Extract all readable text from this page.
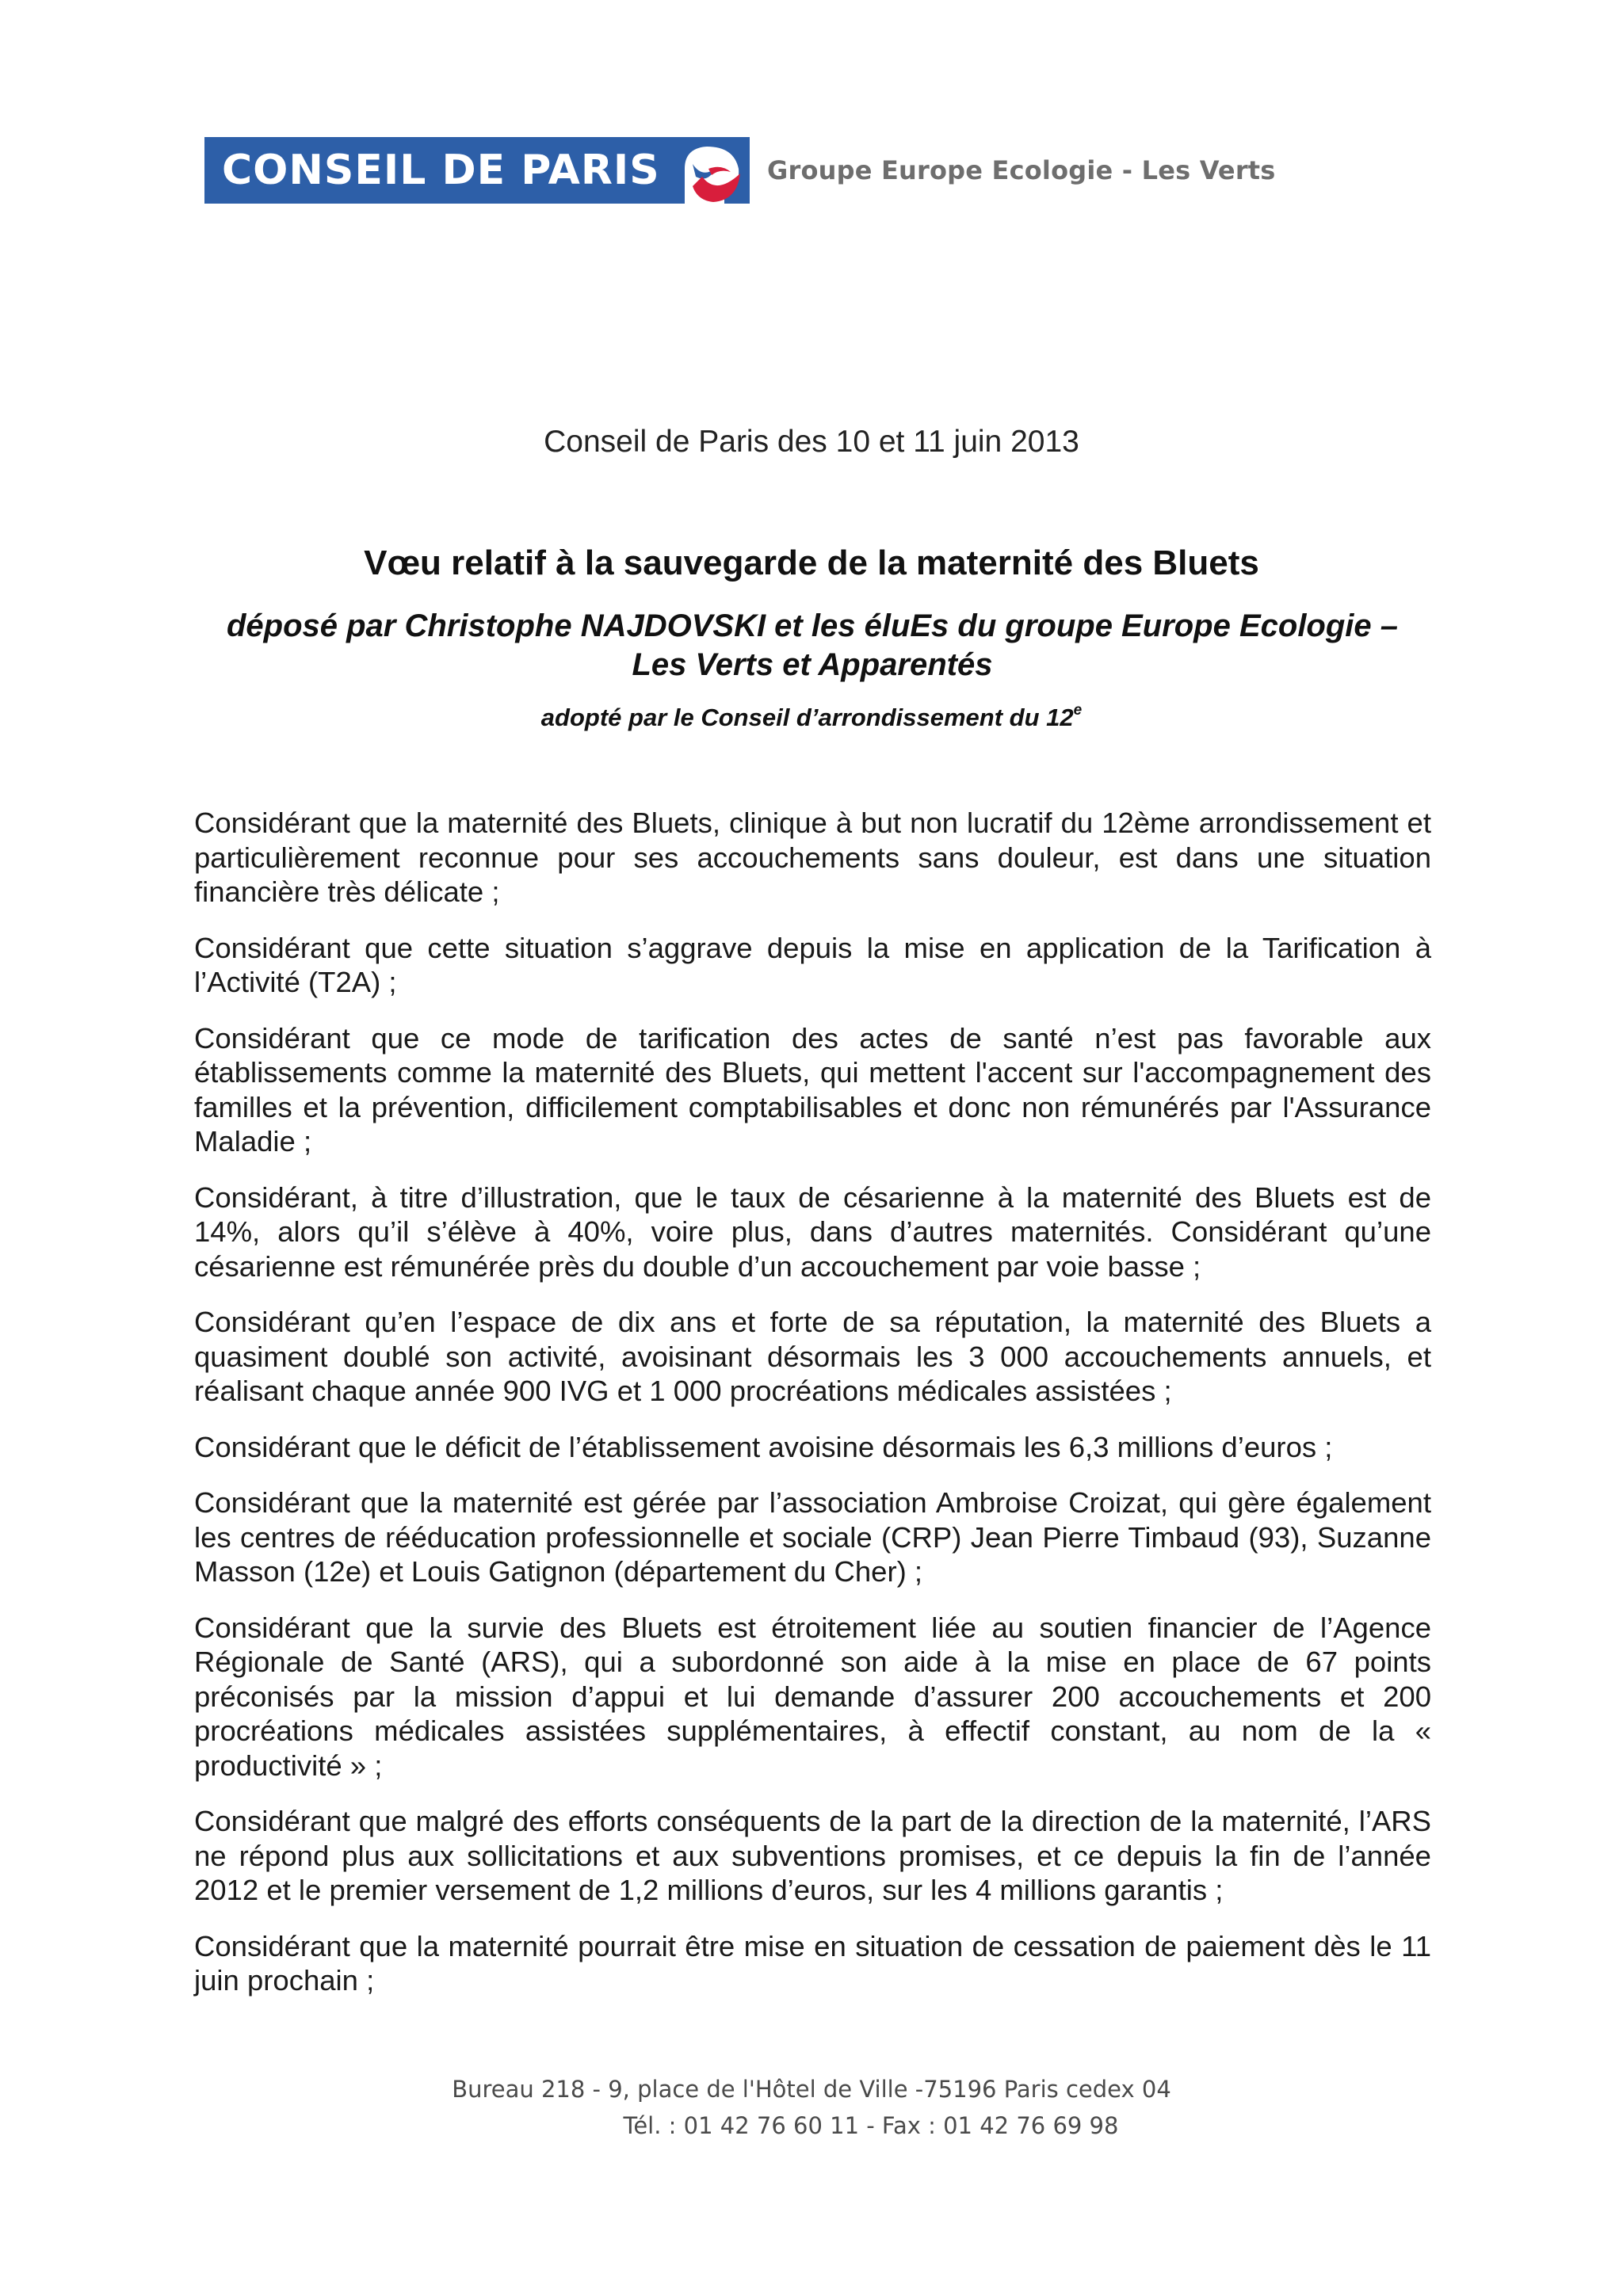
CONSEIL DE PARIS	Groupe Europe Ecologie - Les Verts
Conseil de Paris des 10 et 11 juin 2013
Vœu relatif à la sauvegarde de la maternité des Bluets
déposé par Christophe NAJDOVSKI et les éluEs du groupe Europe Ecologie –
Les Verts et Apparentés
adopté par le Conseil d’arrondissement du 12e

Considérant que la maternité des Bluets, clinique à but non lucratif du 12ème arrondissement et particulièrement reconnue pour ses accouchements sans douleur, est dans une situation financière très délicate ;

Considérant que cette situation s’aggrave depuis la mise en application de la Tarification à l’Activité (T2A) ;

Considérant que ce mode de tarification des actes de santé n’est pas favorable aux établissements comme la maternité des Bluets, qui mettent l'accent sur l'accompagnement des familles et la prévention, difficilement comptabilisables et donc non rémunérés par l'Assurance Maladie ;

Considérant, à titre d’illustration, que le taux de césarienne à la maternité des Bluets est de 14%, alors qu’il s’élève à 40%, voire plus, dans d’autres maternités. Considérant qu’une césarienne est rémunérée près du double d’un accouchement par voie basse ;

Considérant qu’en l’espace de dix ans et forte de sa réputation, la maternité des Bluets a quasiment doublé son activité, avoisinant désormais les 3 000 accouchements annuels, et réalisant chaque année 900 IVG et 1 000 procréations médicales assistées ;

Considérant que le déficit de l’établissement avoisine désormais les 6,3 millions d’euros ;

Considérant que la maternité est gérée par l’association Ambroise Croizat, qui gère également les centres de rééducation professionnelle et sociale (CRP) Jean Pierre Timbaud (93), Suzanne Masson (12e) et Louis Gatignon (département du Cher) ;

Considérant que la survie des Bluets est étroitement liée au soutien financier de l’Agence Régionale de Santé (ARS), qui a subordonné son aide à la mise en place de 67 points préconisés par la mission d’appui et lui demande d’assurer 200 accouchements et 200 procréations médicales assistées supplémentaires, à effectif constant, au nom de la « productivité » ;

Considérant que malgré des efforts conséquents de la part de la direction de la maternité, l’ARS ne répond plus aux sollicitations et aux subventions promises, et ce depuis la fin de l’année 2012 et le premier versement de 1,2 millions d’euros, sur les 4 millions garantis ;

Considérant que la maternité pourrait être mise en situation de cessation de paiement dès le 11 juin prochain ;

Bureau 218 - 9, place de l'Hôtel de Ville -75196 Paris cedex 04
Tél. : 01 42 76 60 11 - Fax : 01 42 76 69 98
